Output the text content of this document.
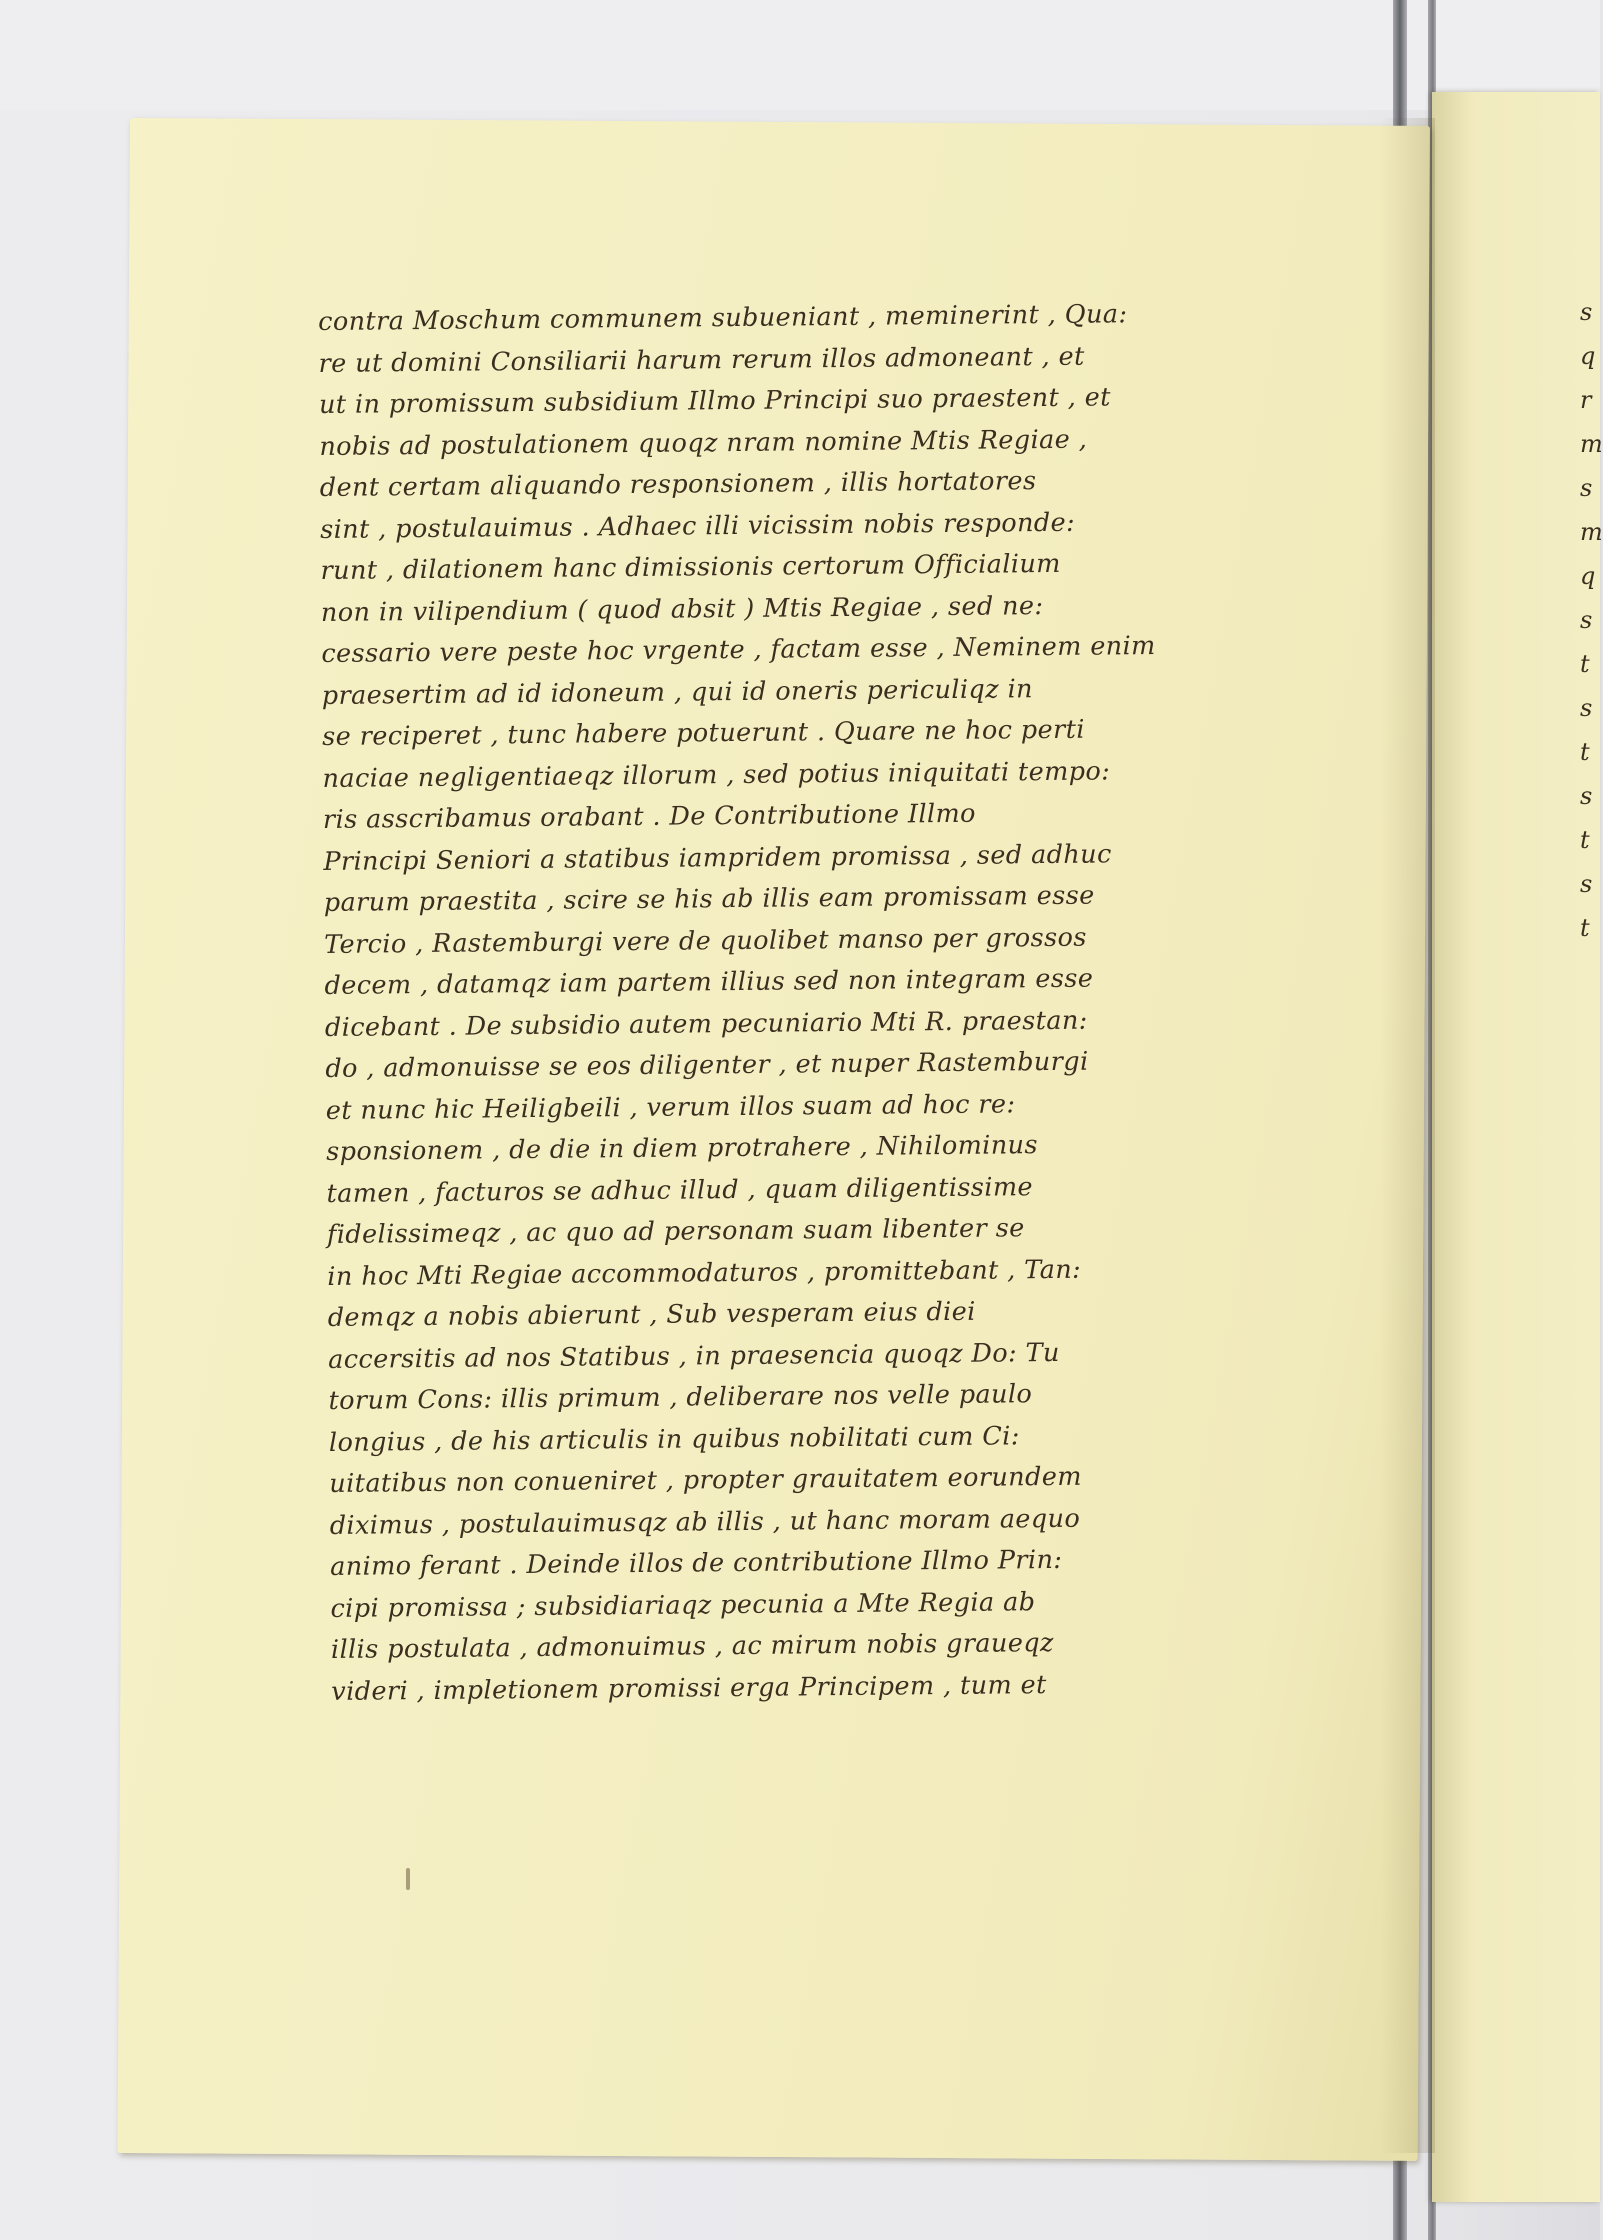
s
q
r
m
s
m
q
s
t
s
t
s
t
s
t
contra Moschum communem subueniant , meminerint , Qua:
re ut domini Consiliarii harum rerum illos admoneant , et
ut in promissum subsidium Illmo Principi suo praestent , et
nobis ad postulationem quoqz nram nomine Mtis Regiae ,
dent certam aliquando responsionem , illis hortatores
sint , postulauimus . Adhaec illi vicissim nobis responde:
runt , dilationem hanc dimissionis certorum Officialium
non in vilipendium ( quod absit ) Mtis Regiae , sed ne:
cessario vere peste hoc vrgente , factam esse , Neminem enim
praesertim ad id idoneum , qui id oneris periculiqz in
se reciperet , tunc habere potuerunt . Quare ne hoc perti
naciae negligentiaeqz illorum , sed potius iniquitati tempo:
ris asscribamus orabant . De Contributione Illmo
Principi Seniori a statibus iampridem promissa , sed adhuc
parum praestita , scire se his ab illis eam promissam esse
Tercio , Rastemburgi vere de quolibet manso per grossos
decem , datamqz iam partem illius sed non integram esse
dicebant . De subsidio autem pecuniario Mti R. praestan:
do , admonuisse se eos diligenter , et nuper Rastemburgi
et nunc hic Heiligbeili , verum illos suam ad hoc re:
sponsionem , de die in diem protrahere , Nihilominus
tamen , facturos se adhuc illud , quam diligentissime
fidelissimeqz , ac quo ad personam suam libenter se
in hoc Mti Regiae accommodaturos , promittebant , Tan:
demqz a nobis abierunt , Sub vesperam eius diei
accersitis ad nos Statibus , in praesencia quoqz Do: Tu
torum Cons: illis primum , deliberare nos velle paulo
longius , de his articulis in quibus nobilitati cum Ci:
uitatibus non conueniret , propter grauitatem eorundem
diximus , postulauimusqz ab illis , ut hanc moram aequo
animo ferant . Deinde illos de contributione Illmo Prin:
cipi promissa ; subsidiariaqz pecunia a Mte Regia ab
illis postulata , admonuimus , ac mirum nobis graueqz
videri , impletionem promissi erga Principem , tum et
